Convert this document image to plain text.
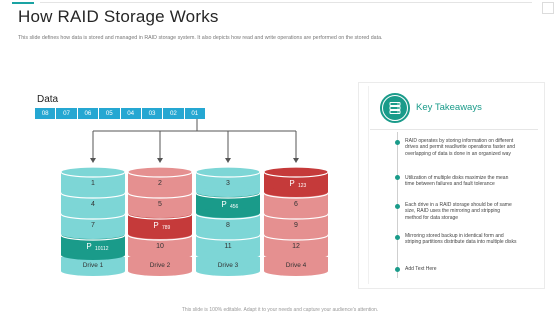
How RAID Storage Works
This slide defines how data is stored and managed in RAID storage system. It also depicts how read and write operations are performed on the stored data.
Data
08	07	06	05	04	03	02	01
Drive 1
P 10112
7
4
1
Drive 2
10
P 789
5
2
Drive 3
11
8
P 456
3
Drive 4
12
9
6
P 123
Key Takeaways
RAID operates by storing information on different drives and permit read/write operations faster and overlapping of data is done in an organized way
Utilization of multiple disks maximize the mean time between failures and fault tolerance
Each drive in a RAID storage should be of same size, RAID uses the mirroring and stripping method for data storage
Mirroring stored backup in identical form and striping partitions distribute data into multiple disks
Add Text Here
This slide is 100% editable. Adapt it to your needs and capture your audience's attention.
